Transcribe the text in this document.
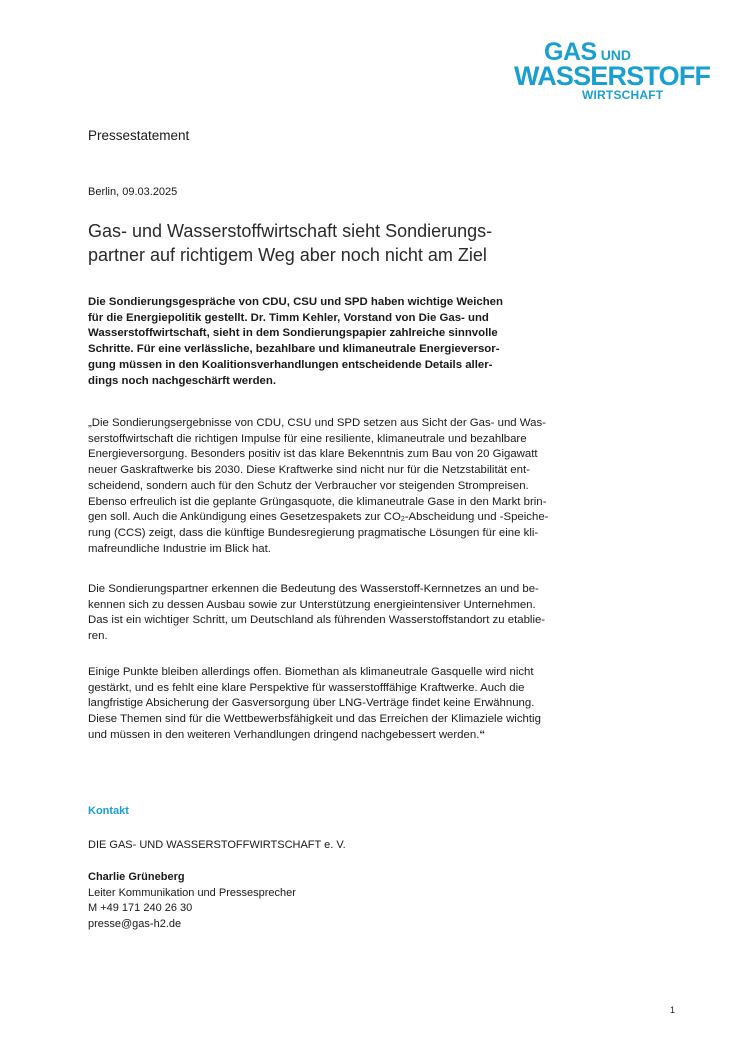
GAS UND
WASSERSTOFF
WIRTSCHAFT
Pressestatement
Berlin, 09.03.2025
Gas- und Wasserstoffwirtschaft sieht Sondierungs-
partner auf richtigem Weg aber noch nicht am Ziel
Die Sondierungsgespräche von CDU, CSU und SPD haben wichtige Weichen
für die Energiepolitik gestellt. Dr. Timm Kehler, Vorstand von Die Gas- und
Wasserstoffwirtschaft, sieht in dem Sondierungspapier zahlreiche sinnvolle
Schritte. Für eine verlässliche, bezahlbare und klimaneutrale Energieversor-
gung müssen in den Koalitionsverhandlungen entscheidende Details aller-
dings noch nachgeschärft werden.
„Die Sondierungsergebnisse von CDU, CSU und SPD setzen aus Sicht der Gas- und Was-
serstoffwirtschaft die richtigen Impulse für eine resiliente, klimaneutrale und bezahlbare
Energieversorgung. Besonders positiv ist das klare Bekenntnis zum Bau von 20 Gigawatt
neuer Gaskraftwerke bis 2030. Diese Kraftwerke sind nicht nur für die Netzstabilität ent-
scheidend, sondern auch für den Schutz der Verbraucher vor steigenden Strompreisen.
Ebenso erfreulich ist die geplante Grüngasquote, die klimaneutrale Gase in den Markt brin-
gen soll. Auch die Ankündigung eines Gesetzespakets zur $CO_2$-Abscheidung und -Speiche-
rung (CCS) zeigt, dass die künftige Bundesregierung pragmatische Lösungen für eine kli-
mafreundliche Industrie im Blick hat.
Die Sondierungspartner erkennen die Bedeutung des Wasserstoff-Kernnetzes an und be-
kennen sich zu dessen Ausbau sowie zur Unterstützung energieintensiver Unternehmen.
Das ist ein wichtiger Schritt, um Deutschland als führenden Wasserstoffstandort zu etablie-
ren.
Einige Punkte bleiben allerdings offen. Biomethan als klimaneutrale Gasquelle wird nicht
gestärkt, und es fehlt eine klare Perspektive für wasserstofffähige Kraftwerke. Auch die
langfristige Absicherung der Gasversorgung über LNG-Verträge findet keine Erwähnung.
Diese Themen sind für die Wettbewerbsfähigkeit und das Erreichen der Klimaziele wichtig
und müssen in den weiteren Verhandlungen dringend nachgebessert werden.“
Kontakt
DIE GAS- UND WASSERSTOFFWIRTSCHAFT e. V.
Charlie Grüneberg
Leiter Kommunikation und Pressesprecher
M +49 171 240 26 30
presse@gas-h2.de
1
